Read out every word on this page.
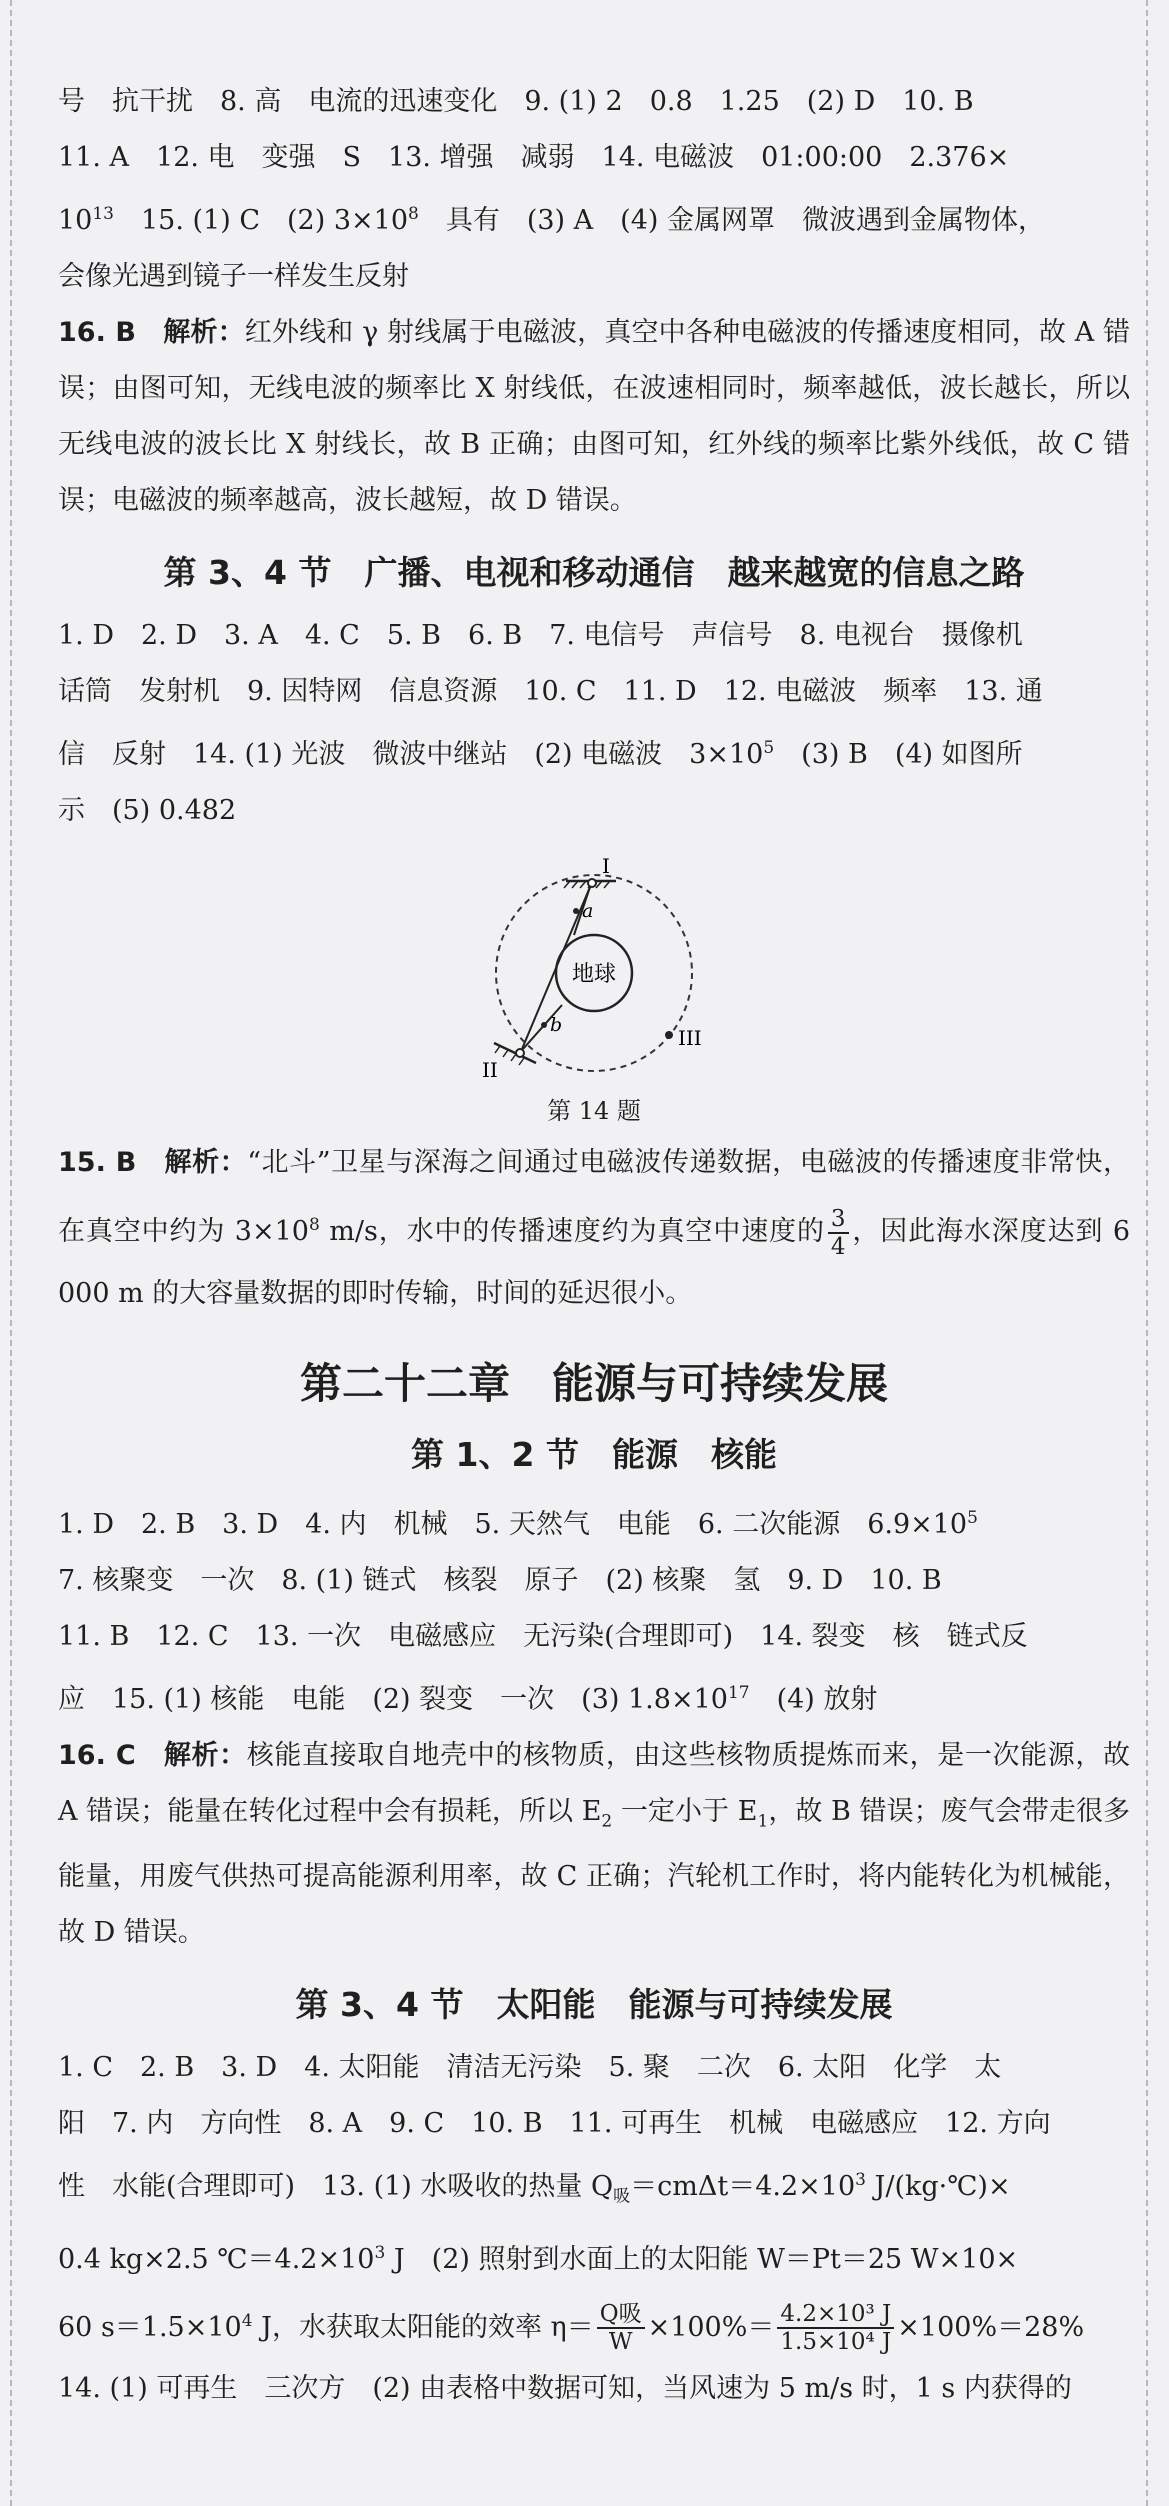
号　抗干扰　8. 高　电流的迅速变化　9. (1) 2　0.8　1.25　(2) D　10. B

11. A　12. 电　变强　S　13. 增强　减弱　14. 电磁波　01:00:00　2.376×

$10^{13}$　15. (1) C　(2) $3\times 10^8$　具有　(3) A　(4) 金属网罩　微波遇到金属物体，

会像光遇到镜子一样发生反射

16. B　解析：红外线和 γ 射线属于电磁波，真空中各种电磁波的传播速度相同，故 A 错误；由图可知，无线电波的频率比 X 射线低，在波速相同时，频率越低，波长越长，所以无线电波的波长比 X 射线长，故 B 正确；由图可知，红外线的频率比紫外线低，故 C 错误；电磁波的频率越高，波长越短，故 D 错误。

第 3、4 节　广播、电视和移动通信　越来越宽的信息之路

1. D　2. D　3. A　4. C　5. B　6. B　7. 电信号　声信号　8. 电视台　摄像机

话筒　发射机　9. 因特网　信息资源　10. C　11. D　12. 电磁波　频率　13. 通

信　反射　14. (1) 光波　微波中继站　(2) 电磁波　$3\times 10^5$　(3) B　(4) 如图所

示　(5) 0.482

地球
I
II
III
a
b
第 14 题

15. B　解析：“北斗”卫星与深海之间通过电磁波传递数据，电磁波的传播速度非常快，在真空中约为 $3\times 10^8$ m/s，水中的传播速度约为真空中速度的 $\frac{3}{4}$ ，因此海水深度达到 6 000 m 的大容量数据的即时传输，时间的延迟很小。

第二十二章　能源与可持续发展
第 1、2 节　能源　核能

1. D　2. B　3. D　4. 内　机械　5. 天然气　电能　6. 二次能源　$6.9\times 10^5$

7. 核聚变　一次　8. (1) 链式　核裂　原子　(2) 核聚　氢　9. D　10. B

11. B　12. C　13. 一次　电磁感应　无污染(合理即可)　14. 裂变　核　链式反

应　15. (1) 核能　电能　(2) 裂变　一次　(3) $1.8\times 10^{17}$　(4) 放射

16. C　解析：核能直接取自地壳中的核物质，由这些核物质提炼而来，是一次能源，故 A 错误；能量在转化过程中会有损耗，所以 $E_2$ 一定小于 $E_1$，故 B 错误；废气会带走很多能量，用废气供热可提高能源利用率，故 C 正确；汽轮机工作时，将内能转化为机械能，故 D 错误。

第 3、4 节　太阳能　能源与可持续发展

1. C　2. B　3. D　4. 太阳能　清洁无污染　5. 聚　二次　6. 太阳　化学　太

阳　7. 内　方向性　8. A　9. C　10. B　11. 可再生　机械　电磁感应　12. 方向

性　水能(合理即可)　13. (1) 水吸收的热量 $Q_吸=cm\Delta t=4.2\times 10^3$ J/(kg·℃)×

0.4 kg×2.5 $℃=4.2\times 10^3$ J　(2) 照射到水面上的太阳能 W＝Pt＝25 W×10×

60 $s=1.5\times 10^4$ J，水获取太阳能的效率 $\eta= \frac{\text{Q吸}}{W} \times 100\%= \frac{\text{4.2×10³ J}}{\text{1.5×10⁴ J}} \times 100\%=28\%$

14. (1) 可再生　三次方　(2) 由表格中数据可知，当风速为 5 m/s 时，1 s 内获得的
